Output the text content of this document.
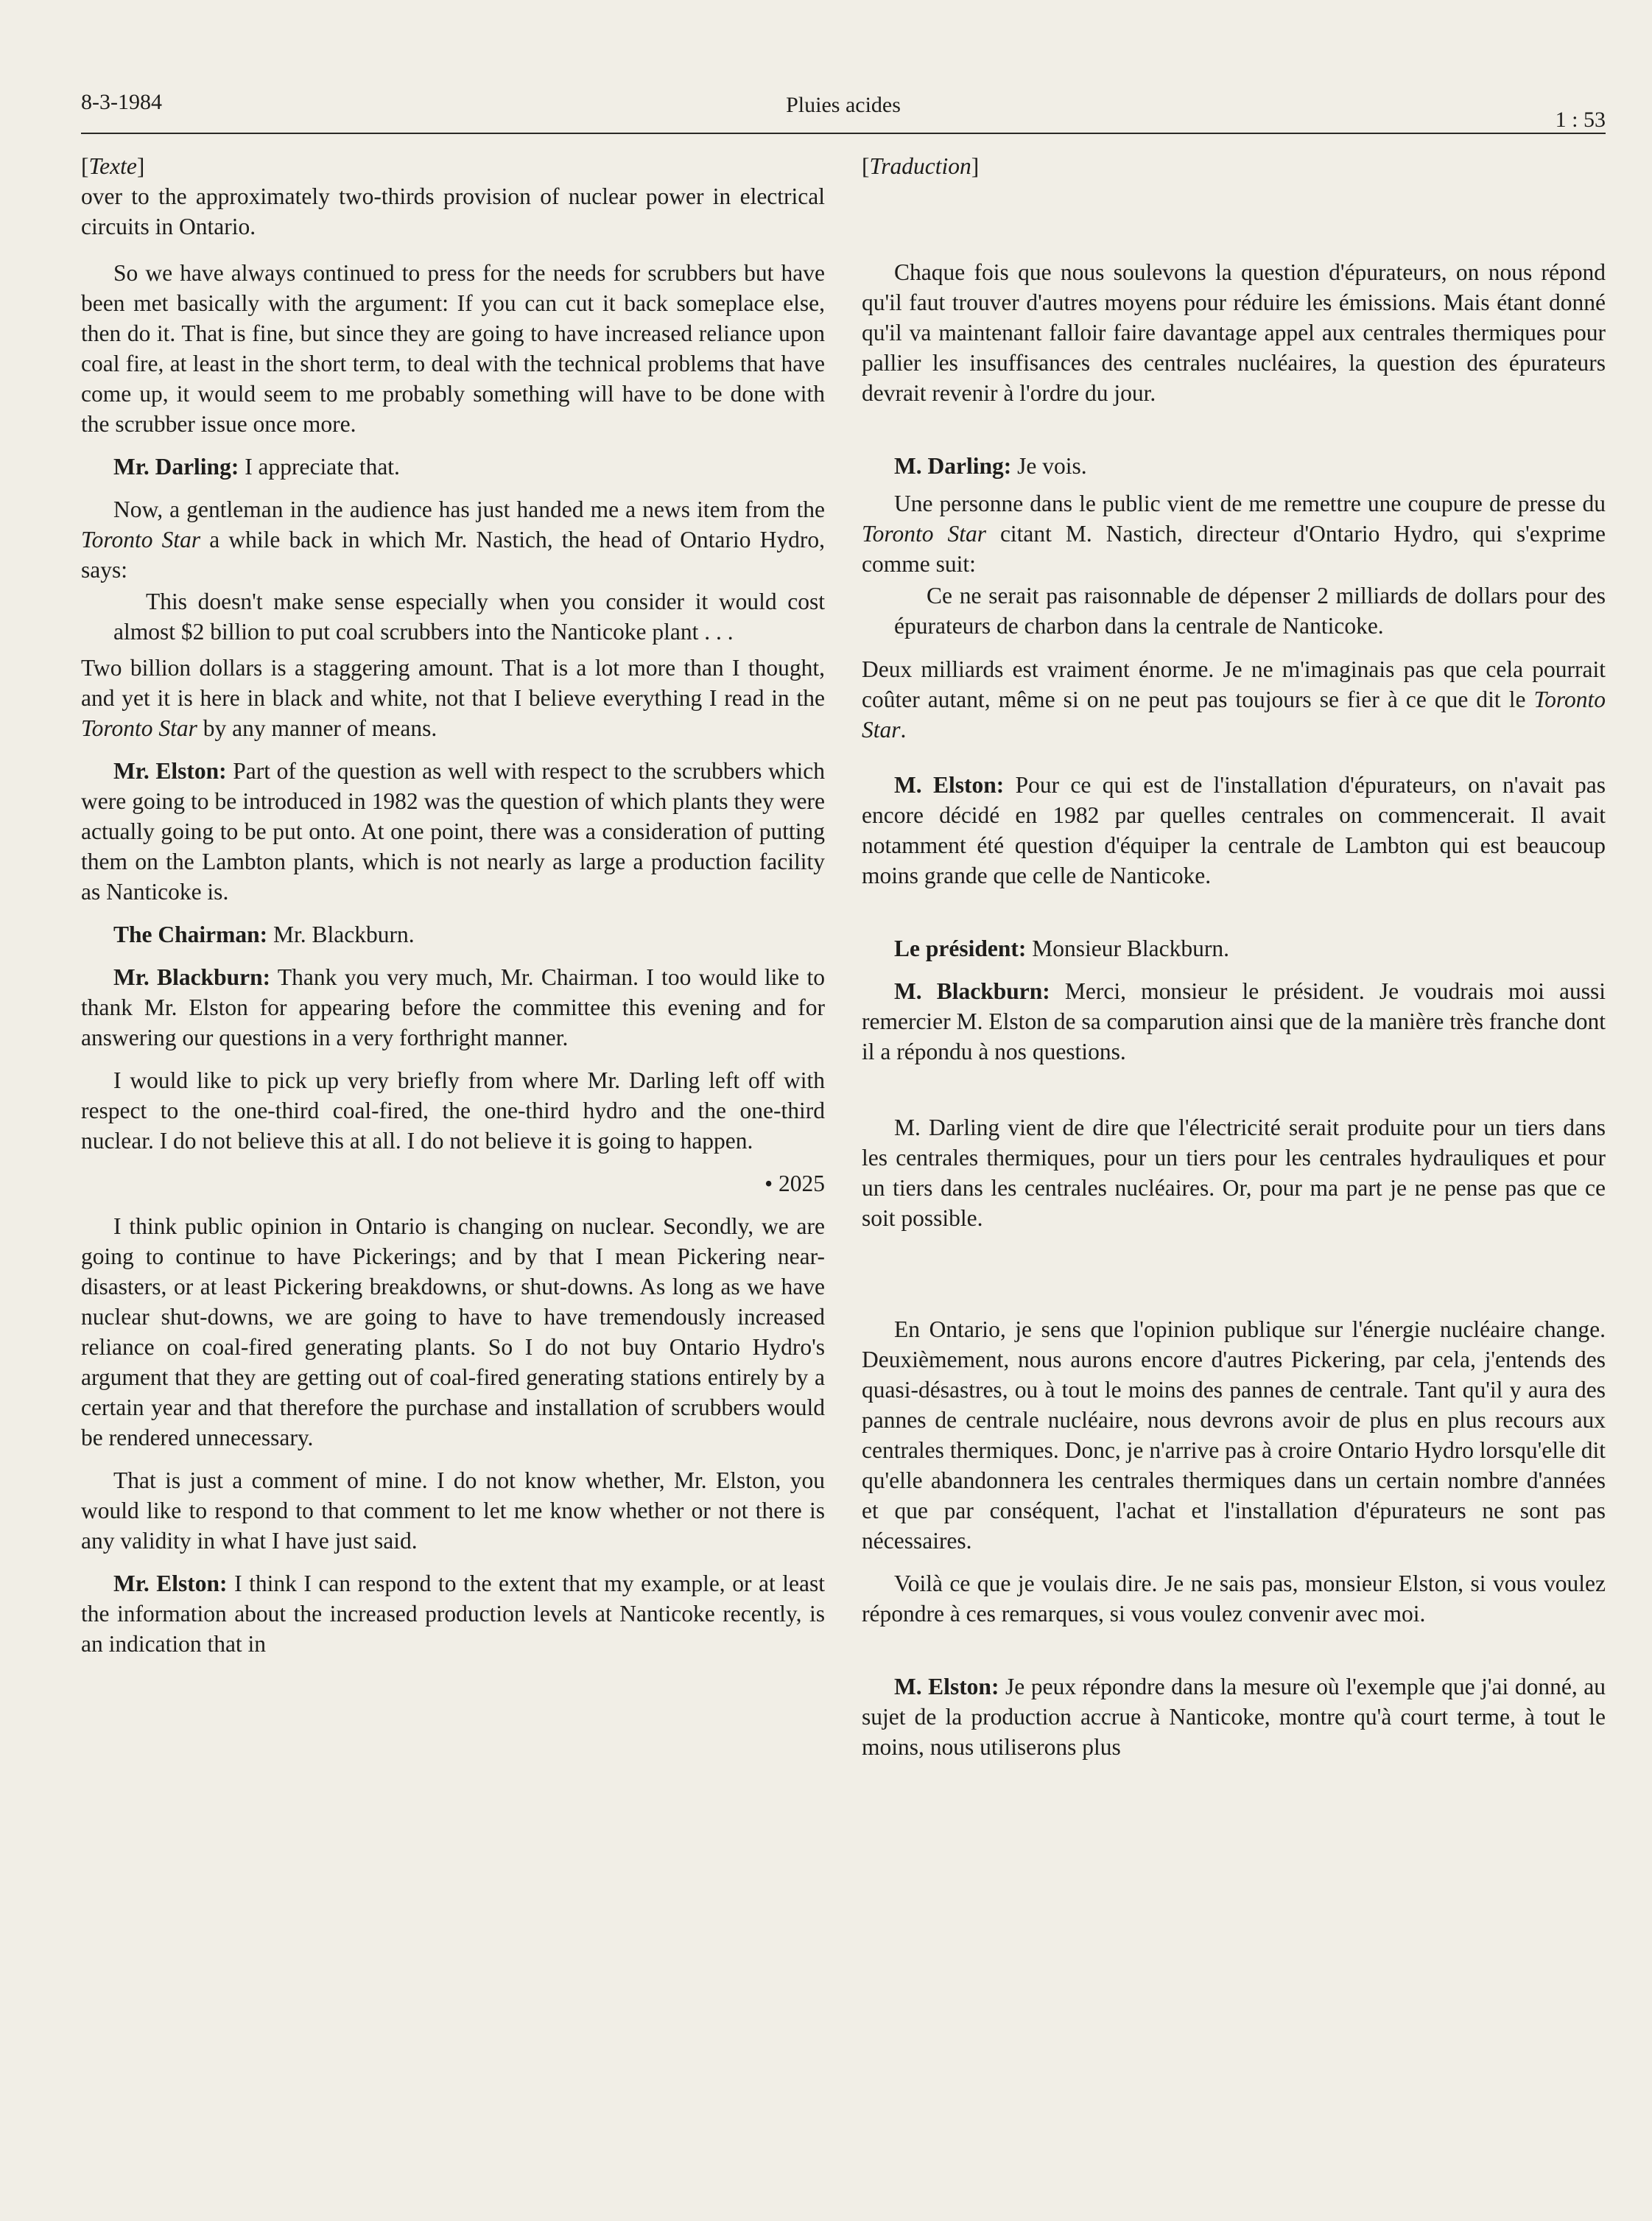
8-3-1984	Pluies acides
1 : 53

[Texte]

over to the approximately two-thirds provision of nuclear power in electrical circuits in Ontario.

So we have always continued to press for the needs for scrubbers but have been met basically with the argument: If you can cut it back someplace else, then do it. That is fine, but since they are going to have increased reliance upon coal fire, at least in the short term, to deal with the technical problems that have come up, it would seem to me probably something will have to be done with the scrubber issue once more.

Mr. Darling: I appreciate that.

Now, a gentleman in the audience has just handed me a news item from the Toronto Star a while back in which Mr. Nastich, the head of Ontario Hydro, says:

This doesn't make sense especially when you consider it would cost almost $2 billion to put coal scrubbers into the Nanticoke plant . . .

Two billion dollars is a staggering amount. That is a lot more than I thought, and yet it is here in black and white, not that I believe everything I read in the Toronto Star by any manner of means.

Mr. Elston: Part of the question as well with respect to the scrubbers which were going to be introduced in 1982 was the question of which plants they were actually going to be put onto. At one point, there was a consideration of putting them on the Lambton plants, which is not nearly as large a production facility as Nanticoke is.

The Chairman: Mr. Blackburn.

Mr. Blackburn: Thank you very much, Mr. Chairman. I too would like to thank Mr. Elston for appearing before the committee this evening and for answering our questions in a very forthright manner.

I would like to pick up very briefly from where Mr. Darling left off with respect to the one-third coal-fired, the one-third hydro and the one-third nuclear. I do not believe this at all. I do not believe it is going to happen.

• 2025

I think public opinion in Ontario is changing on nuclear. Secondly, we are going to continue to have Pickerings; and by that I mean Pickering near-disasters, or at least Pickering breakdowns, or shut-downs. As long as we have nuclear shut-downs, we are going to have to have tremendously increased reliance on coal-fired generating plants. So I do not buy Ontario Hydro's argument that they are getting out of coal-fired generating stations entirely by a certain year and that therefore the purchase and installation of scrubbers would be rendered unnecessary.

That is just a comment of mine. I do not know whether, Mr. Elston, you would like to respond to that comment to let me know whether or not there is any validity in what I have just said.

Mr. Elston: I think I can respond to the extent that my example, or at least the information about the increased production levels at Nanticoke recently, is an indication that in

[Traduction]

Chaque fois que nous soulevons la question d'épurateurs, on nous répond qu'il faut trouver d'autres moyens pour réduire les émissions. Mais étant donné qu'il va maintenant falloir faire davantage appel aux centrales thermiques pour pallier les insuffisances des centrales nucléaires, la question des épurateurs devrait revenir à l'ordre du jour.

M. Darling: Je vois.

Une personne dans le public vient de me remettre une coupure de presse du Toronto Star citant M. Nastich, directeur d'Ontario Hydro, qui s'exprime comme suit:

Ce ne serait pas raisonnable de dépenser 2 milliards de dollars pour des épurateurs de charbon dans la centrale de Nanticoke.

Deux milliards est vraiment énorme. Je ne m'imaginais pas que cela pourrait coûter autant, même si on ne peut pas toujours se fier à ce que dit le Toronto Star.

M. Elston: Pour ce qui est de l'installation d'épurateurs, on n'avait pas encore décidé en 1982 par quelles centrales on commencerait. Il avait notamment été question d'équiper la centrale de Lambton qui est beaucoup moins grande que celle de Nanticoke.

Le président: Monsieur Blackburn.

M. Blackburn: Merci, monsieur le président. Je voudrais moi aussi remercier M. Elston de sa comparution ainsi que de la manière très franche dont il a répondu à nos questions.

M. Darling vient de dire que l'électricité serait produite pour un tiers dans les centrales thermiques, pour un tiers pour les centrales hydrauliques et pour un tiers dans les centrales nucléaires. Or, pour ma part je ne pense pas que ce soit possible.

En Ontario, je sens que l'opinion publique sur l'énergie nucléaire change. Deuxièmement, nous aurons encore d'autres Pickering, par cela, j'entends des quasi-désastres, ou à tout le moins des pannes de centrale. Tant qu'il y aura des pannes de centrale nucléaire, nous devrons avoir de plus en plus recours aux centrales thermiques. Donc, je n'arrive pas à croire Ontario Hydro lorsqu'elle dit qu'elle abandonnera les centrales thermiques dans un certain nombre d'années et que par conséquent, l'achat et l'installation d'épurateurs ne sont pas nécessaires.

Voilà ce que je voulais dire. Je ne sais pas, monsieur Elston, si vous voulez répondre à ces remarques, si vous voulez convenir avec moi.

M. Elston: Je peux répondre dans la mesure où l'exemple que j'ai donné, au sujet de la production accrue à Nanticoke, montre qu'à court terme, à tout le moins, nous utiliserons plus
